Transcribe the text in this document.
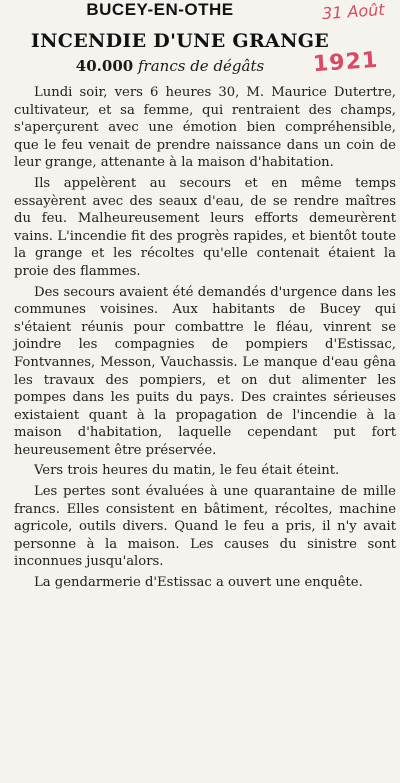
BUCEY-EN-OTHE
INCENDIE D'UNE GRANGE
40.000 francs de dégâts
31 Août
1921

Lundi soir, vers 6 heures 30, M. Maurice Dutertre, cultivateur, et sa femme, qui rentraient des champs, s'aperçurent avec une émotion bien compréhensible, que le feu venait de prendre naissance dans un coin de leur grange, attenante à la maison d'habitation.

Ils appelèrent au secours et en même temps essayèrent avec des seaux d'eau, de se rendre maîtres du feu. Malheureusement leurs efforts demeurèrent vains. L'incendie fit des progrès rapides, et bientôt toute la grange et les récoltes qu'elle contenait étaient la proie des flammes.

Des secours avaient été demandés d'urgence dans les communes voisines. Aux habitants de Bucey qui s'étaient réunis pour combattre le fléau, vinrent se joindre les compagnies de pompiers d'Estissac, Fontvannes, Messon, Vauchassis. Le manque d'eau gêna les travaux des pompiers, et on dut alimenter les pompes dans les puits du pays. Des craintes sérieuses existaient quant à la propagation de l'incendie à la maison d'habitation, laquelle cependant put fort heureusement être préservée.

Vers trois heures du matin, le feu était éteint.

Les pertes sont évaluées à une quarantaine de mille francs. Elles consistent en bâtiment, récoltes, machine agricole, outils divers. Quand le feu a pris, il n'y avait personne à la maison. Les causes du sinistre sont inconnues jusqu'alors.

La gendarmerie d'Estissac a ouvert une enquête.
